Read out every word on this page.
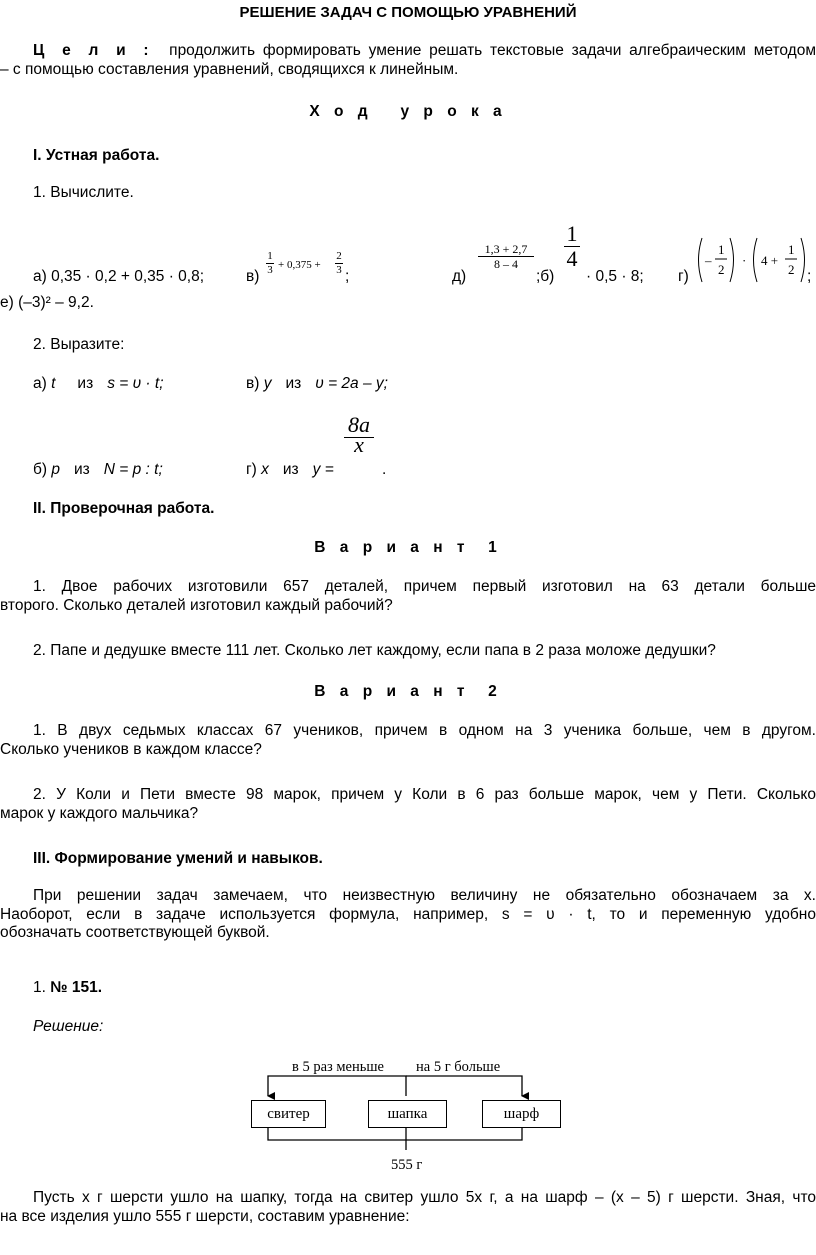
РЕШЕНИЕ ЗАДАЧ С ПОМОЩЬЮ УРАВНЕНИЙ
Ц е л и : продолжить формировать умение решать текстовые задачи алгебраическим методом
– с помощью составления уравнений, сводящихся к линейным.
Х о д   у р о к а
I. Устная работа.
1. Вычислите.
а) 0,35 · 0,2 + 0,35 · 0,8;	в)
1
3 + 0,375 +
2
3 ;	д)
1,3 + 2,7
8 – 4
;б)
1
4
· 0,5 · 8; г)
–
1
2
· 4 +
1
2 ;
е) (–3)² – 9,2.
2. Выразите:
а) t из s = υ · t;	в) y из υ = 2a – y;
б) p из N = p : t;	г) x из y =
8a
x
.
II. Проверочная работа.
В а р и а н т  1
1. Двое рабочих изготовили 657 деталей, причем первый изготовил на 63 детали больше
второго. Сколько деталей изготовил каждый рабочий?
2. Папе и дедушке вместе 111 лет. Сколько лет каждому, если папа в 2 раза моложе дедушки?
В а р и а н т  2
1. В двух седьмых классах 67 учеников, причем в одном на 3 ученика больше, чем в другом.
Сколько учеников в каждом классе?
2. У Коли и Пети вместе 98 марок, причем у Коли в 6 раз больше марок, чем у Пети. Сколько
марок у каждого мальчика?
III. Формирование умений и навыков.
При решении задач замечаем, что неизвестную величину не обязательно обозначаем за x.
Наоборот, если в задаче используется формула, например, s = υ · t, то и переменную удобно
обозначать соответствующей буквой.
1. № 151.
Решение:
в 5 раз меньше на 5 г больше
555 г
свитер	шапка	шарф
Пусть x г шерсти ушло на шапку, тогда на свитер ушло 5x г, а на шарф – (x – 5) г шерсти. Зная, что
на все изделия ушло 555 г шерсти, составим уравнение:
